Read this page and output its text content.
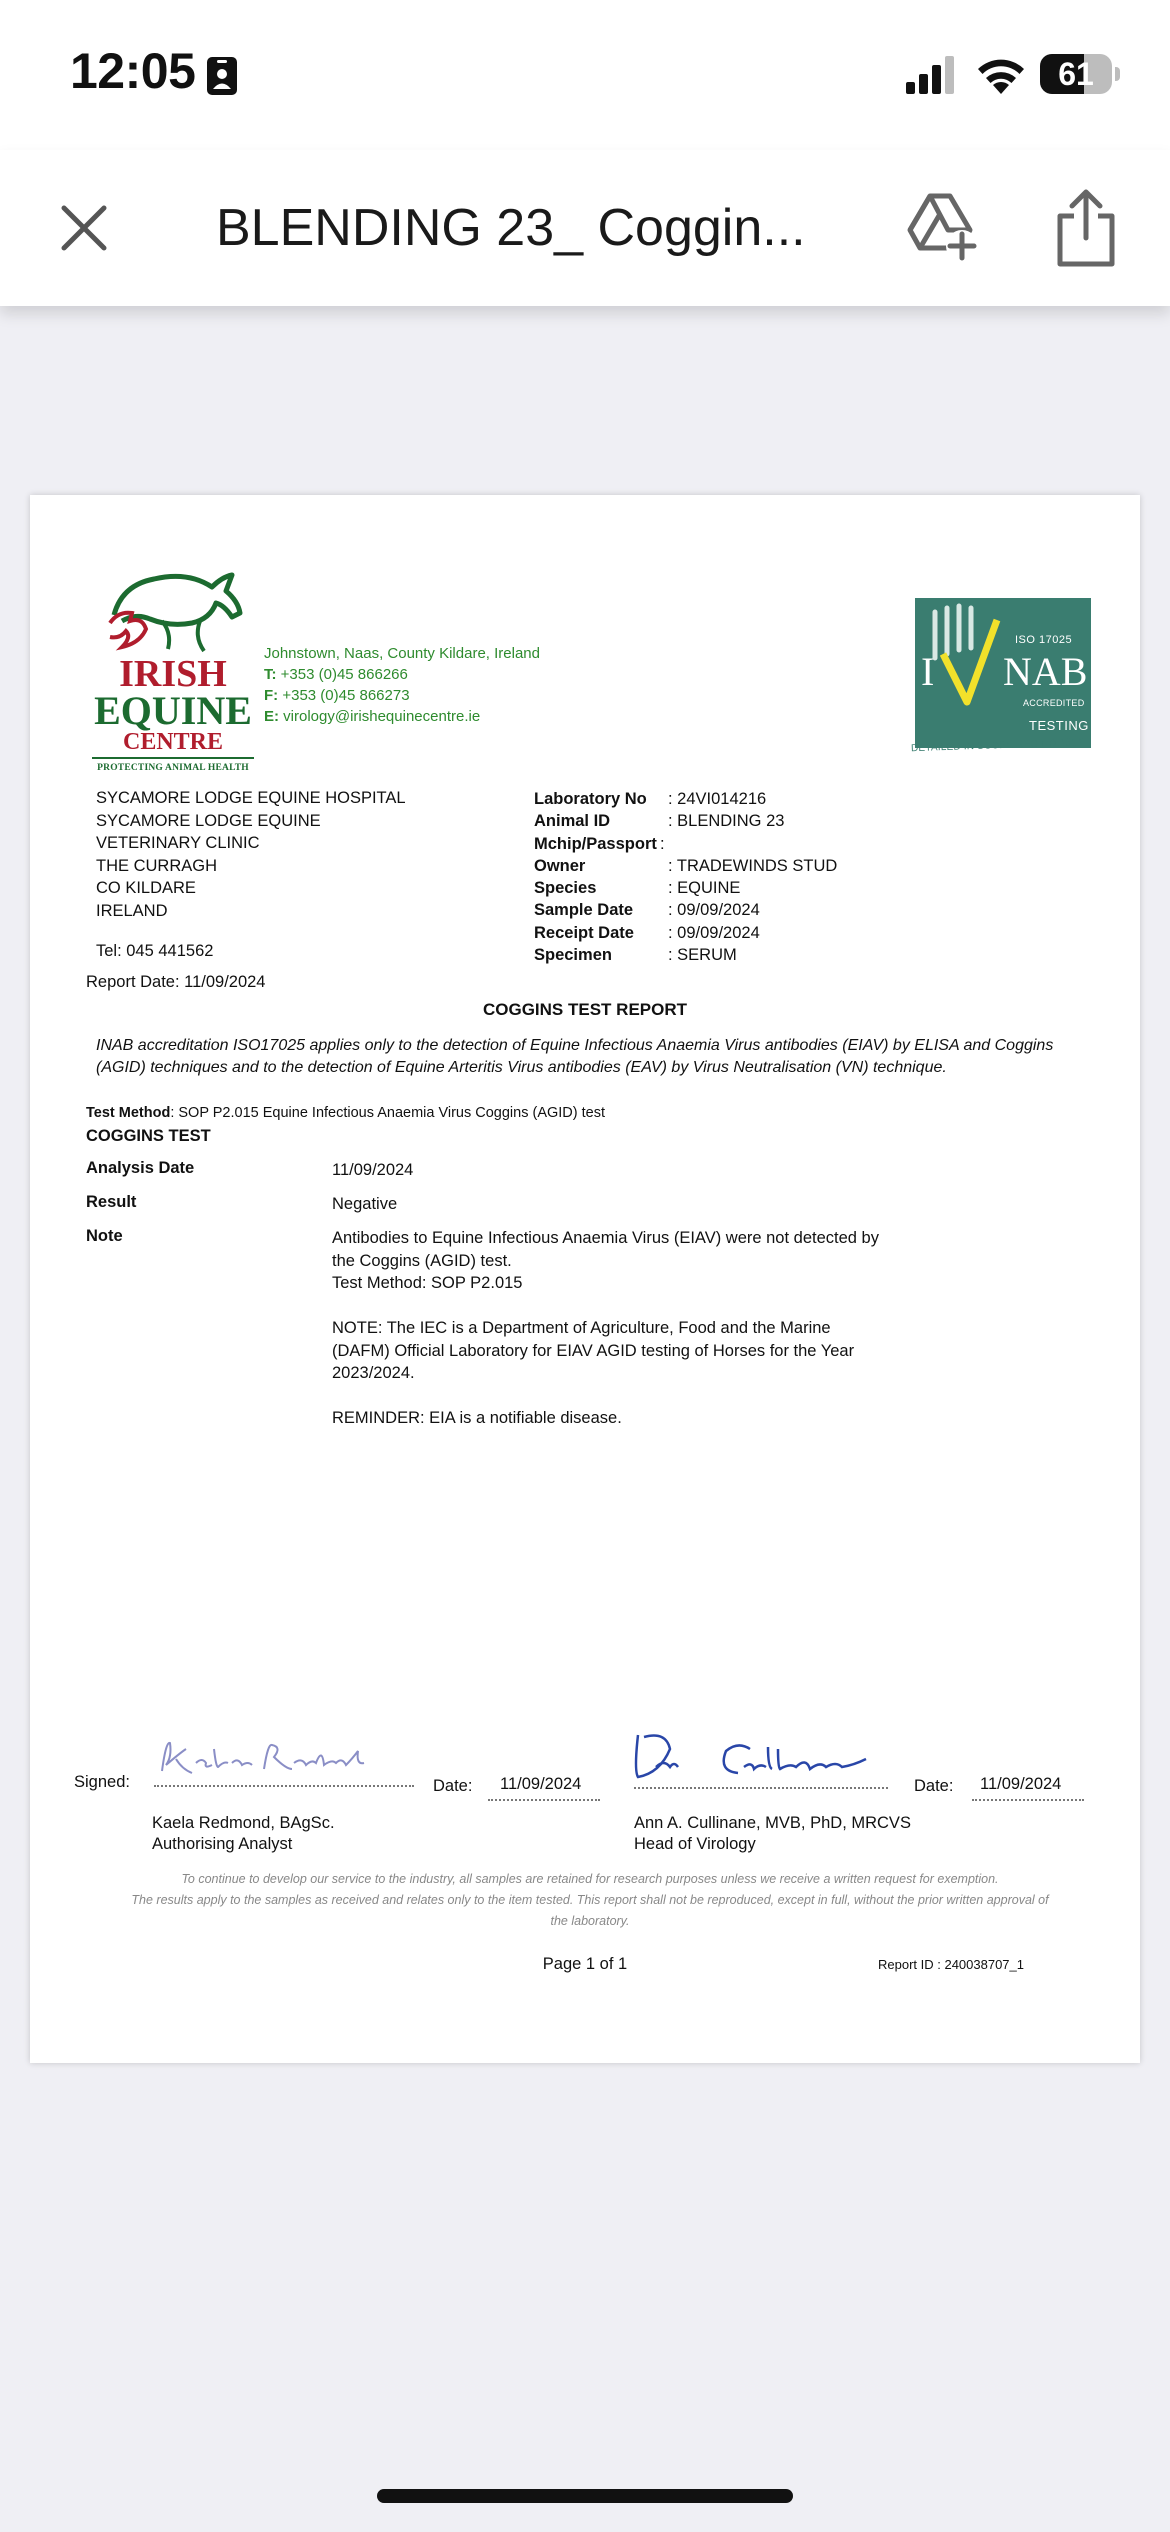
12:05	61
BLENDING 23_ Coggin...
IRISH
EQUINE
CENTRE
PROTECTING ANIMAL HEALTH
Johnstown, Naas, County Kildare, Ireland
T: +353 (0)45 866266
F: +353 (0)45 866273
E: virology@irishequinecentre.ie
ISO 17025
I NAB
ACCREDITED
TESTING
DETAILED IN SCOPE REG NO.151T
SYCAMORE LODGE EQUINE HOSPITAL
SYCAMORE LODGE EQUINE
VETERINARY CLINIC
THE CURRAGH
CO KILDARE
IRELAND
Tel: 045 441562
Report Date: 11/09/2024
Laboratory No : 24VI014216
Animal ID	: BLENDING 23
Mchip/Passport :
Owner	: TRADEWINDS STUD
Species	: EQUINE
Sample Date : 09/09/2024
Receipt Date : 09/09/2024
Specimen	: SERUM
COGGINS TEST REPORT
INAB accreditation ISO17025 applies only to the detection of Equine Infectious Anaemia Virus antibodies (EIAV) by ELISA and Coggins (AGID) techniques and to the detection of Equine Arteritis Virus antibodies (EAV) by Virus Neutralisation (VN) technique.
Test Method: SOP P2.015 Equine Infectious Anaemia Virus Coggins (AGID) test
COGGINS TEST
Analysis Date	11/09/2024
Result	Negative
Note	Antibodies to Equine Infectious Anaemia Virus (EIAV) were not detected by the Coggins (AGID) test.
Test Method: SOP P2.015
NOTE: The IEC is a Department of Agriculture, Food and the Marine (DAFM) Official Laboratory for EIAV AGID testing of Horses for the Year 2023/2024.
REMINDER: EIA is a notifiable disease.
Signed:	Date: 11/09/2024
Kaela Redmond, BAgSc.
Authorising Analyst
Date: 11/09/2024
Ann A. Cullinane, MVB, PhD, MRCVS
Head of Virology
To continue to develop our service to the industry, all samples are retained for research purposes unless we receive a written request for exemption.
The results apply to the samples as received and relates only to the item tested. This report shall not be reproduced, except in full, without the prior written approval of the laboratory.
Page 1 of 1	Report ID : 240038707_1
